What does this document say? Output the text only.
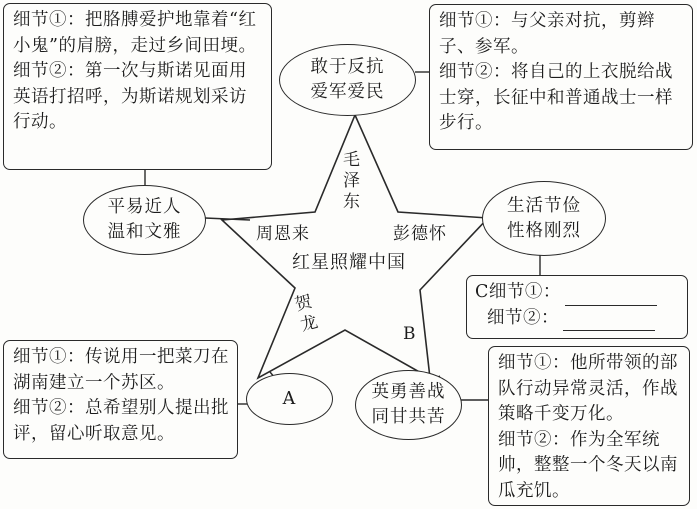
红星照耀中国
毛
泽
东
周恩来	彭德怀
贺
龙	B

细节①：把胳膊爱护地靠着“红小鬼”的肩膀，走过乡间田埂。

细节②：第一次与斯诺见面用英语打招呼，为斯诺规划采访行动。

平易近人
温和文雅
敢于反抗
爱军爱民

细节①：与父亲对抗，剪辫子、参军。

细节②：将自己的上衣脱给战士穿，长征中和普通战士一样步行。

生活节俭
性格刚烈
C 细节①：
细节②：

细节①：传说用一把菜刀在湖南建立一个苏区。

细节②：总希望别人提出批评，留心听取意见。

A	英勇善战
同甘共苦

细节①：他所带领的部队行动异常灵活，作战策略千变万化。

细节②：作为全军统帅，整整一个冬天以南瓜充饥。
